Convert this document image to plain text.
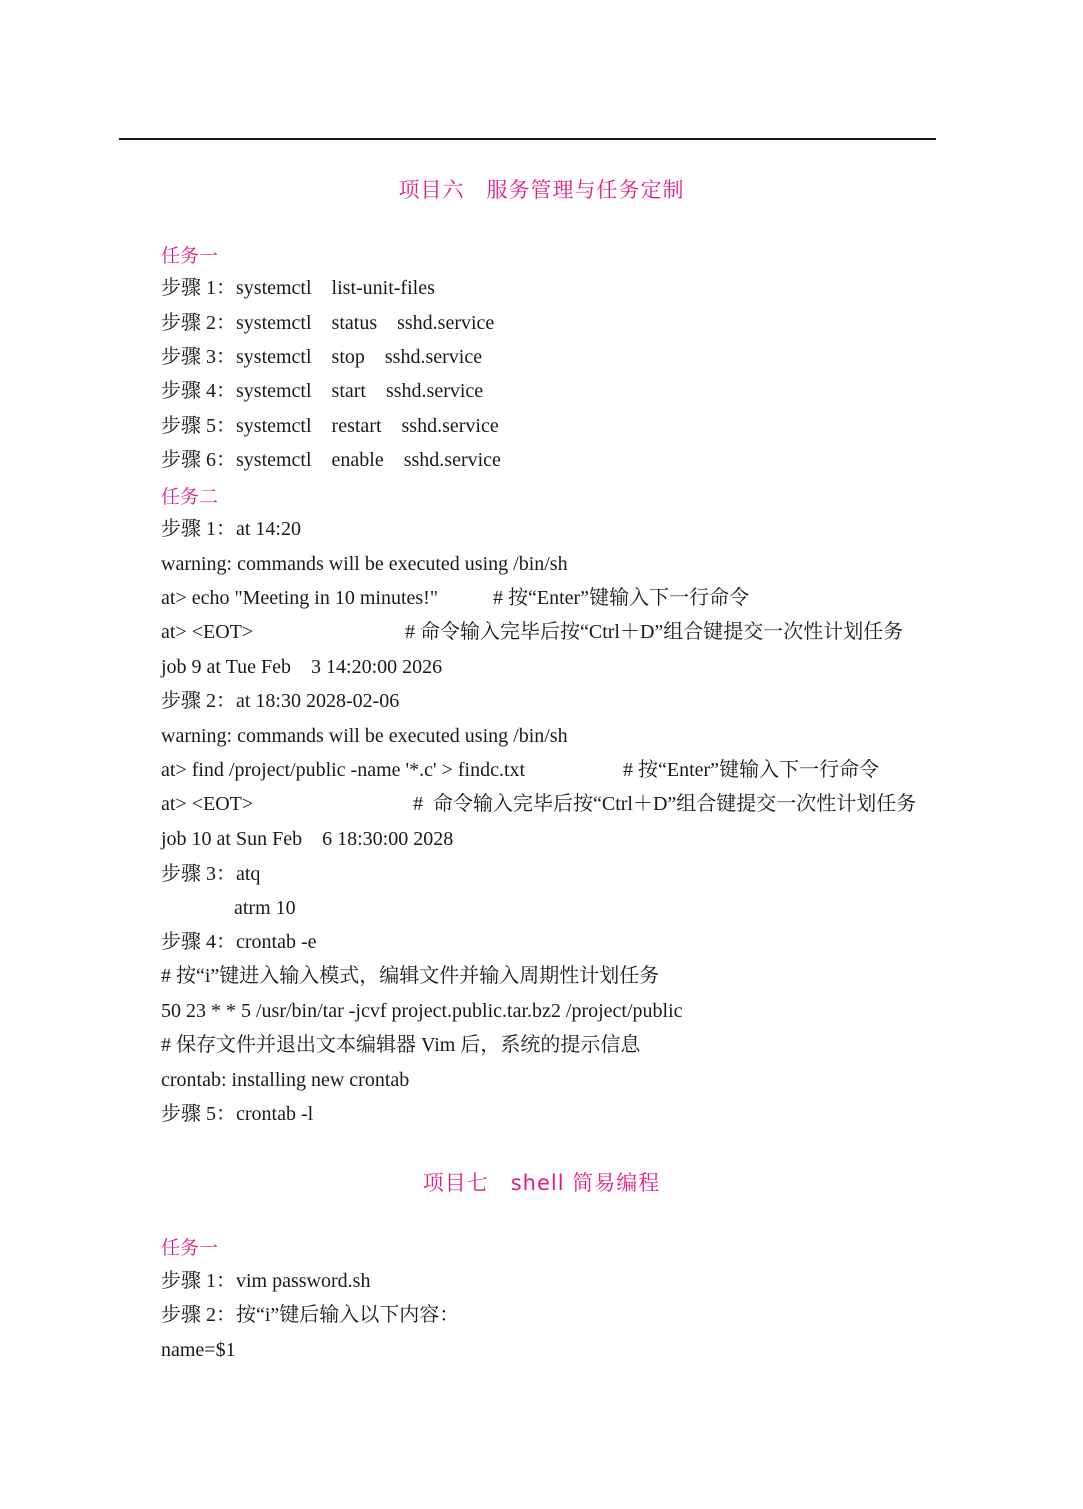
项目六　服务管理与任务定制
任务一
步骤 1：systemctl　list-unit-files
步骤 2：systemctl　status　sshd.service
步骤 3：systemctl　stop　sshd.service
步骤 4：systemctl　start　sshd.service
步骤 5：systemctl　restart　sshd.service
步骤 6：systemctl　enable　sshd.service
任务二
步骤 1：at 14:20
warning: commands will be executed using /bin/sh
at> echo "Meeting in 10 minutes!"	# 按“Enter”键输入下一行命令
at> <EOT>	# 命令输入完毕后按“Ctrl＋D”组合键提交一次性计划任务
job 9 at Tue Feb　3 14:20:00 2026
步骤 2：at 18:30 2028-02-06
warning: commands will be executed using /bin/sh
at> find /project/public -name '*.c' > findc.txt	# 按“Enter”键输入下一行命令
at> <EOT>	#  命令输入完毕后按“Ctrl＋D”组合键提交一次性计划任务
job 10 at Sun Feb　6 18:30:00 2028
步骤 3：atq
atrm 10
步骤 4：crontab -e
# 按“i”键进入输入模式，编辑文件并输入周期性计划任务
50 23 * * 5 /usr/bin/tar -jcvf project.public.tar.bz2 /project/public
# 保存文件并退出文本编辑器 Vim 后，系统的提示信息
crontab: installing new crontab
步骤 5：crontab -l
项目七　shell 简易编程
任务一
步骤 1：vim password.sh
步骤 2：按“i”键后输入以下内容：
name=$1
